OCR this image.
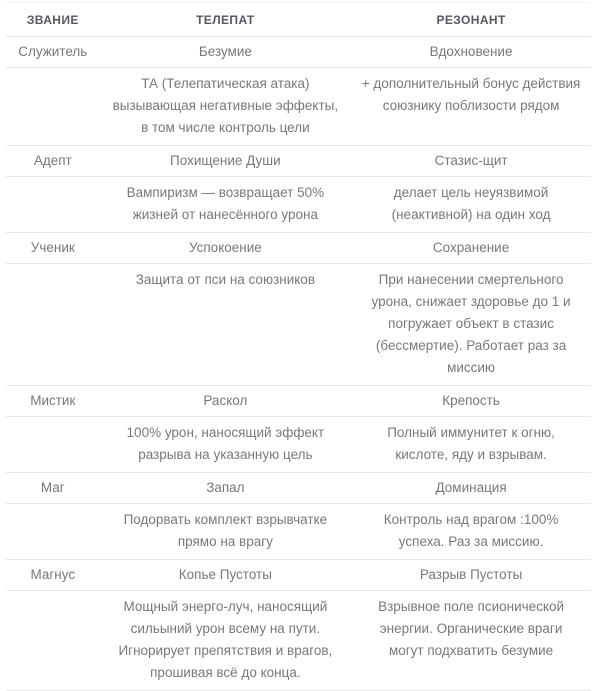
ЗВАНИЕ	ТЕЛЕПАТ	РЕЗОНАНТ
Служитель	Безумие	Вдохновение
	ТА (Телепатическая атака) вызывающая негативные эффекты, в том числе контроль цели	+ дополнительный бонус действия союзнику поблизости рядом
Адепт	Похищение Души	Стазис-щит
	Вампиризм — возвращает 50% жизней от нанесённого урона	делает цель неуязвимой (неактивной) на один ход
Ученик	Успокоение	Сохранение
	Защита от пси на союзников	При нанесении смертельного урона, снижает здоровье до 1 и погружает объект в стазис (бессмертие). Работает раз за миссию
Мистик	Раскол	Крепость
	100% урон, наносящий эффект разрыва на указанную цель	Полный иммунитет к огню, кислоте, яду и взрывам.
Маг	Запал	Доминация
	Подорвать комплект взрывчатке прямо на врагу	Контроль над врагом :100% успеха. Раз за миссию.
Магнус	Копье Пустоты	Разрыв Пустоты
	Мощный энерго-луч, наносящий сильыний урон всему на пути. Игнорирует препятствия и врагов, прошивая всё до конца.	Взрывное поле псионической энергии. Органические враги могут подхватить безумие
